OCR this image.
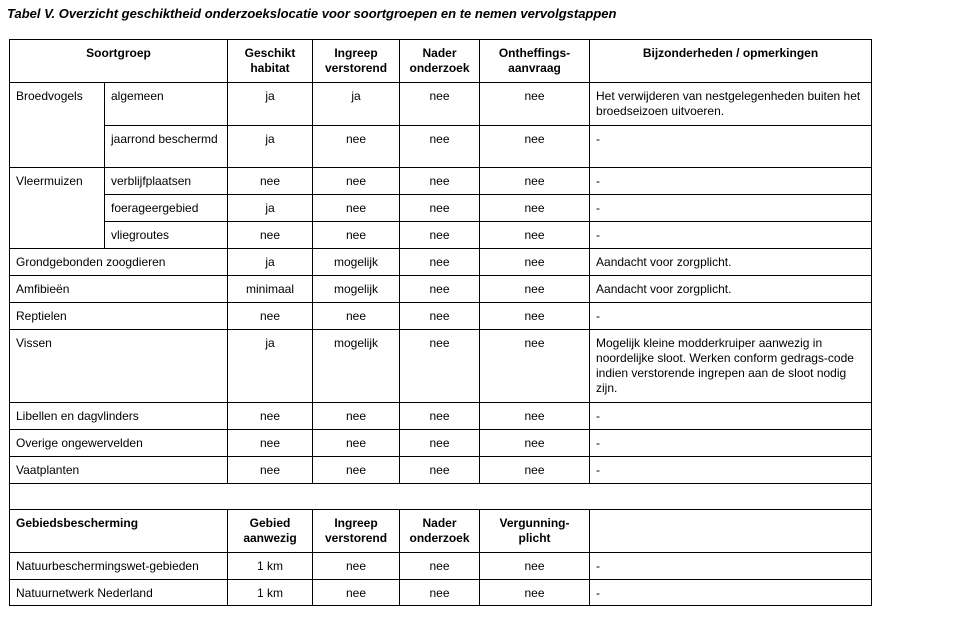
Tabel V. Overzicht geschiktheid onderzoekslocatie voor soortgroepen en te nemen vervolgstappen
Soortgroep		Geschikt habitat	Ingreep verstorend	Nader onderzoek	Ontheffings-aanvraag	Bijzonderheden / opmerkingen
Broedvogels	algemeen	ja	ja	nee	nee	Het verwijderen van nestgelegenheden buiten het broedseizoen uitvoeren.
	jaarrond beschermd	ja	nee	nee	nee	-
Vleermuizen	verblijfplaatsen	nee	nee	nee	nee	-
	foerageergebied	ja	nee	nee	nee	-
	vliegroutes	nee	nee	nee	nee	-
Grondgebonden zoogdieren		ja	mogelijk	nee	nee	Aandacht voor zorgplicht.
Amfibieën		minimaal	mogelijk	nee	nee	Aandacht voor zorgplicht.
Reptielen		nee	nee	nee	nee	-
Vissen		ja	mogelijk	nee	nee	Mogelijk kleine modderkruiper aanwezig in noordelijke sloot. Werken conform gedrags-code indien verstorende ingrepen aan de sloot nodig zijn.
Libellen en dagvlinders		nee	nee	nee	nee	-
Overige ongewervelden		nee	nee	nee	nee	-
Vaatplanten		nee	nee	nee	nee	-

Gebiedsbescherming		Gebied aanwezig	Ingreep verstorend	Nader onderzoek	Vergunning-plicht	
Natuurbeschermingswet-gebieden		1 km	nee	nee	nee	-
Natuurnetwerk Nederland		1 km	nee	nee	nee	-
